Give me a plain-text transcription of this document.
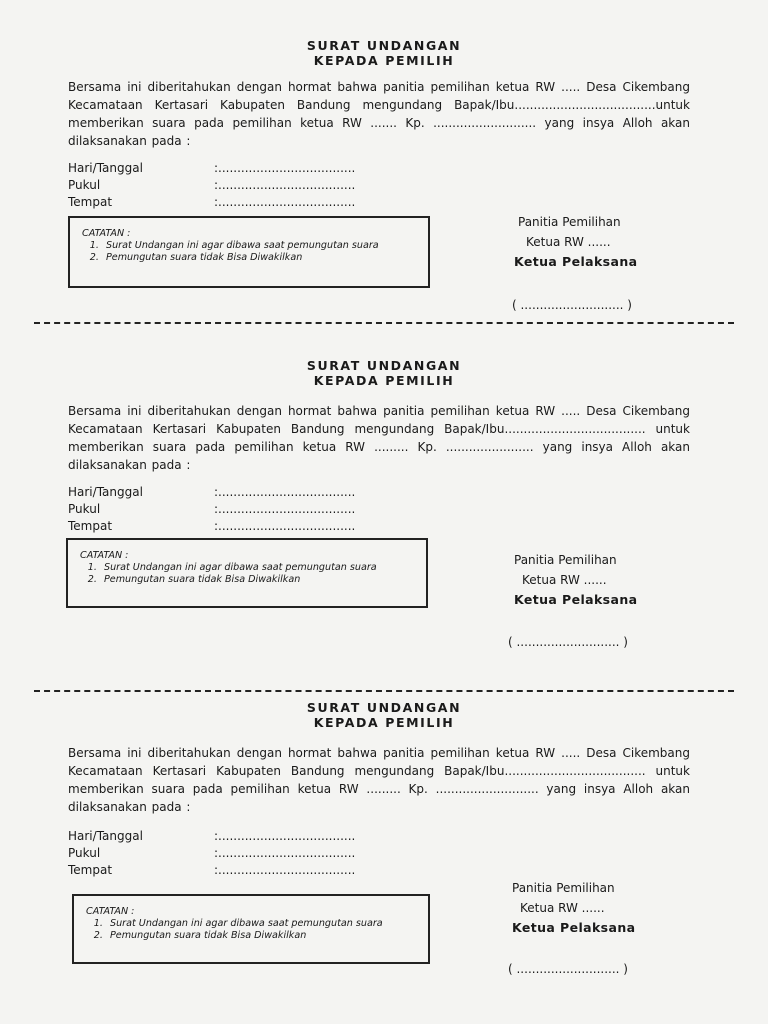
SURAT UNDANGAN
KEPADA PEMILIH

Bersama ini diberitahukan dengan hormat bahwa panitia pemilihan ketua RW ..... Desa Cikembang Kecamataan Kertasari Kabupaten Bandung mengundang Bapak/Ibu.....................................untuk memberikan suara pada pemilihan ketua RW ....... Kp. ........................... yang insya Alloh akan dilaksanakan pada :

Hari/Tanggal	:....................................
Pukul	:....................................
Tempat	:....................................
CATATAN :
1. Surat Undangan ini agar dibawa saat pemungutan suara
2. Pemungutan suara tidak Bisa Diwakilkan
Panitia Pemilihan
Ketua RW ......
Ketua Pelaksana
( ........................... )
SURAT UNDANGAN
KEPADA PEMILIH

Bersama ini diberitahukan dengan hormat bahwa panitia pemilihan ketua RW ..... Desa Cikembang Kecamataan Kertasari Kabupaten Bandung mengundang Bapak/Ibu..................................... untuk memberikan suara pada pemilihan ketua RW ......... Kp. ....................... yang insya Alloh akan dilaksanakan pada :

Hari/Tanggal	:....................................
Pukul	:....................................
Tempat	:....................................
CATATAN :
1. Surat Undangan ini agar dibawa saat pemungutan suara
2. Pemungutan suara tidak Bisa Diwakilkan
Panitia Pemilihan
Ketua RW ......
Ketua Pelaksana
( ........................... )
SURAT UNDANGAN
KEPADA PEMILIH

Bersama ini diberitahukan dengan hormat bahwa panitia pemilihan ketua RW ..... Desa Cikembang Kecamataan Kertasari Kabupaten Bandung mengundang Bapak/Ibu..................................... untuk memberikan suara pada pemilihan ketua RW ......... Kp. ........................... yang insya Alloh akan dilaksanakan pada :

Hari/Tanggal	:....................................
Pukul	:....................................
Tempat	:....................................
CATATAN :
1. Surat Undangan ini agar dibawa saat pemungutan suara
2. Pemungutan suara tidak Bisa Diwakilkan
Panitia Pemilihan
Ketua RW ......
Ketua Pelaksana
( ........................... )
